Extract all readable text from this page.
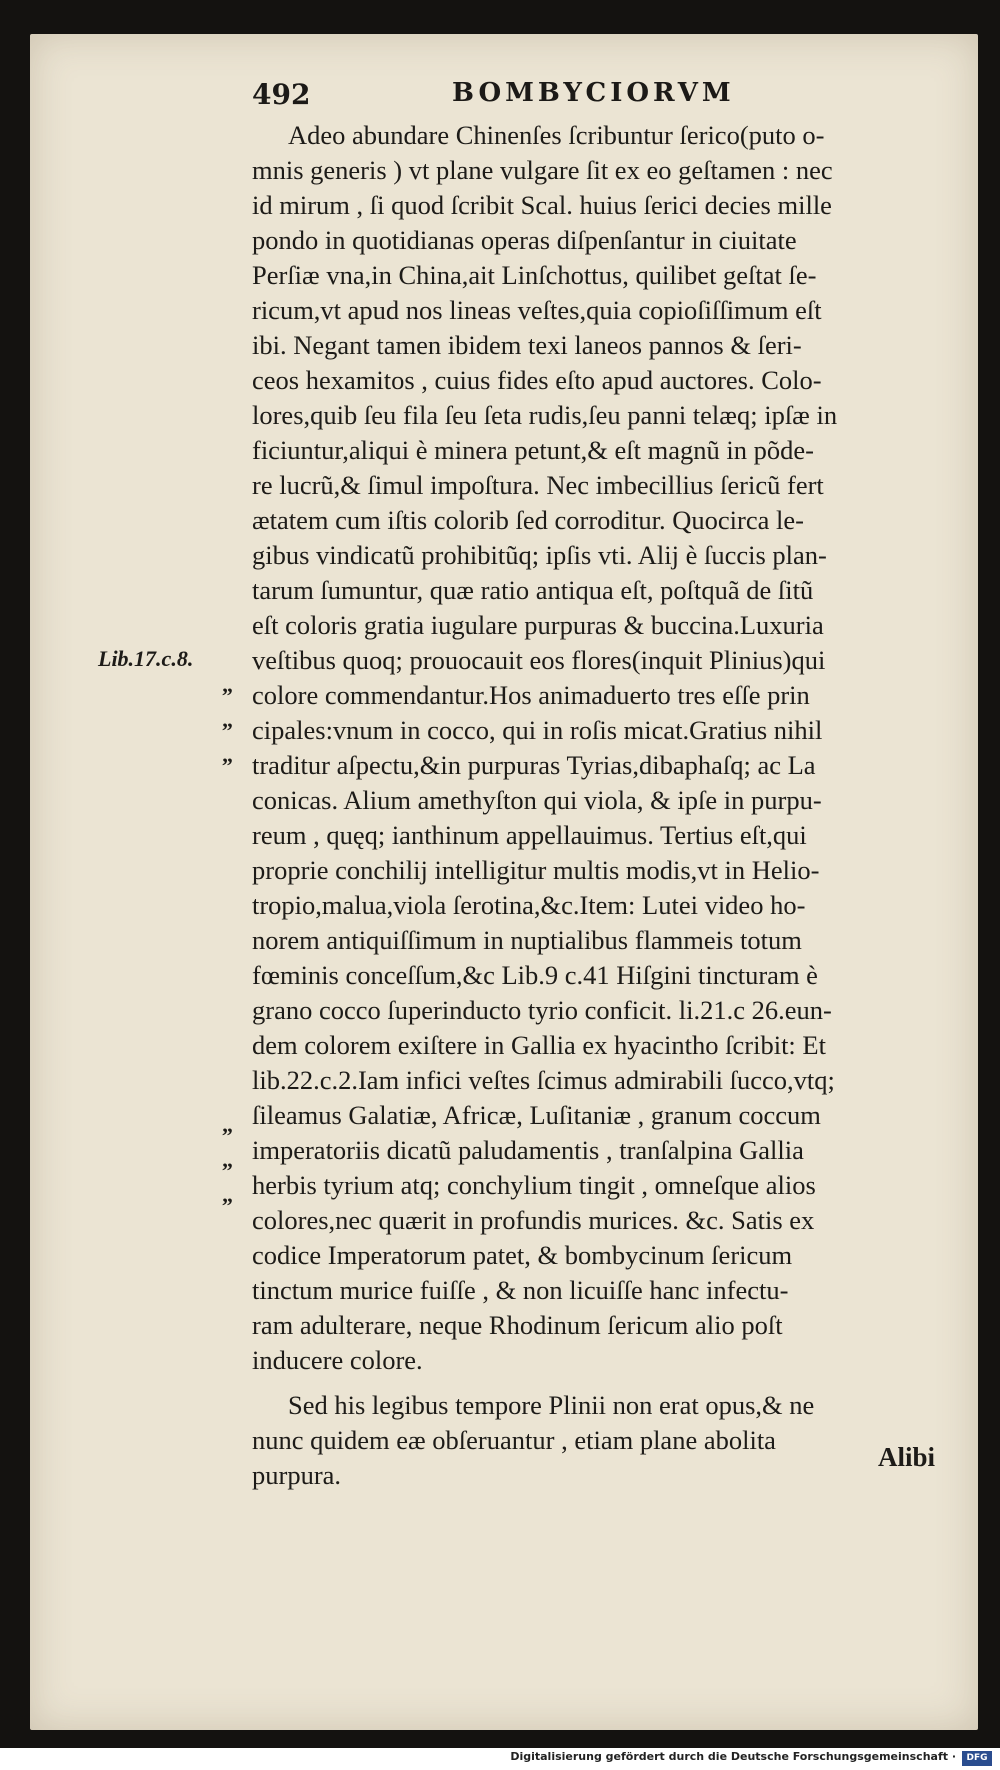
492	BOMBYCIORVM
Lib.17.c.8.
„
„
„
„
„
„
Adeo abundare Chinenſes ſcribuntur ſerico(puto o-
mnis generis ) vt plane vulgare ſit ex eo geſtamen : nec
id mirum , ſi quod ſcribit Scal. huius ſerici decies mille
pondo in quotidianas operas diſpenſantur in ciuitate
Perſiæ vna,in China,ait Linſchottus, quilibet geſtat ſe-
ricum,vt apud nos lineas veſtes,quia copioſiſſimum eſt
ibi. Negant tamen ibidem texi laneos pannos & ſeri-
ceos hexamitos , cuius fides eſto apud auctores. Colo-
lores,quib ſeu fila ſeu ſeta rudis,ſeu panni telæq; ipſæ in
ficiuntur,aliqui è minera petunt,& eſt magnũ in põde-
re lucrũ,& ſimul impoſtura. Nec imbecillius ſericũ fert
ætatem cum iſtis colorib ſed corroditur. Quocirca le-
gibus vindicatũ prohibitũq; ipſis vti. Alij è ſuccis plan-
tarum ſumuntur, quæ ratio antiqua eſt, poſtquã de ſitũ
eſt coloris gratia iugulare purpuras & buccina.Luxuria
veſtibus quoq; prouocauit eos flores(inquit Plinius)qui
colore commendantur.Hos animaduerto tres eſſe prin
cipales:vnum in cocco, qui in roſis micat.Gratius nihil
traditur aſpectu,&in purpuras Tyrias,dibaphaſq; ac La
conicas. Alium amethyſton qui viola, & ipſe in purpu-
reum , quęq; ianthinum appellauimus. Tertius eſt,qui
proprie conchilij intelligitur multis modis,vt in Helio-
tropio,malua,viola ſerotina,&c.Item: Lutei video ho-
norem antiquiſſimum in nuptialibus flammeis totum
fœminis conceſſum,&c Lib.9 c.41 Hiſgini tincturam è
grano cocco ſuperinducto tyrio conficit. li.21.c 26.eun-
dem colorem exiſtere in Gallia ex hyacintho ſcribit: Et
lib.22.c.2.Iam infici veſtes ſcimus admirabili ſucco,vtq;
ſileamus Galatiæ, Africæ, Luſitaniæ , granum coccum
imperatoriis dicatũ paludamentis , tranſalpina Gallia
herbis tyrium atq; conchylium tingit , omneſque alios
colores,nec quærit in profundis murices. &c. Satis ex
codice Imperatorum patet, & bombycinum ſericum
tinctum murice fuiſſe , & non licuiſſe hanc infectu-
ram adulterare, neque Rhodinum ſericum alio poſt
inducere colore.
Sed his legibus tempore Plinii non erat opus,& ne
nunc quidem eæ obſeruantur , etiam plane abolita
purpura.
Alibi
Digitalisierung gefördert durch die Deutsche Forschungsgemeinschaft ·	DFG
